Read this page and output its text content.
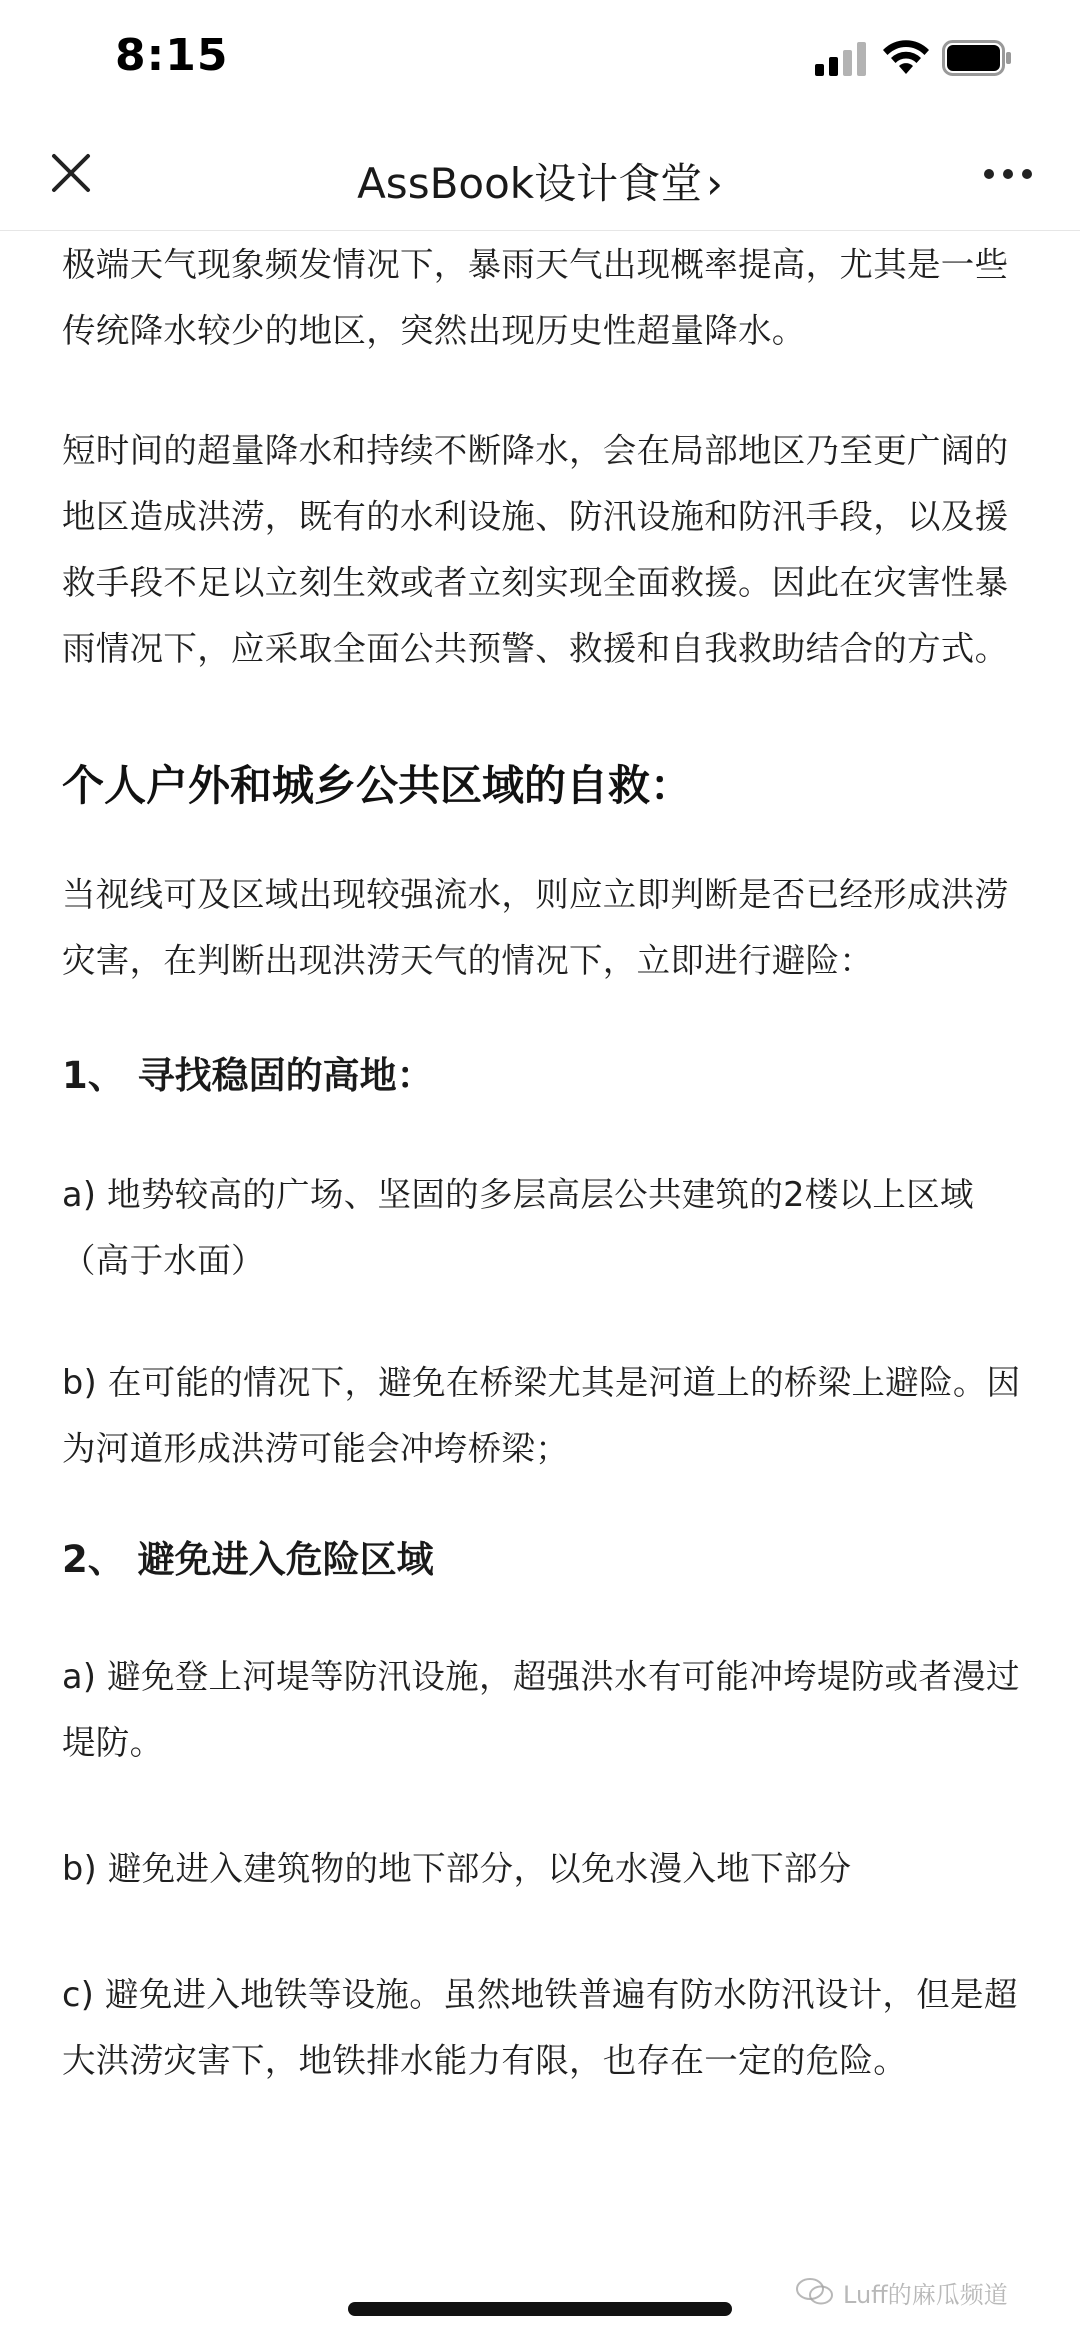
8:15
AssBook设计食堂›

极端天气现象频发情况下，暴雨天气出现概率提高，尤其是一些传统降水较少的地区，突然出现历史性超量降水。

短时间的超量降水和持续不断降水，会在局部地区乃至更广阔的地区造成洪涝，既有的水利设施、防汛设施和防汛手段，以及援救手段不足以立刻生效或者立刻实现全面救援。因此在灾害性暴雨情况下，应采取全面公共预警、救援和自我救助结合的方式。

个人户外和城乡公共区域的自救：

当视线可及区域出现较强流水，则应立即判断是否已经形成洪涝灾害，在判断出现洪涝天气的情况下，立即进行避险：

1、 寻找稳固的高地：

a) 地势较高的广场、坚固的多层高层公共建筑的2楼以上区域（高于水面）

b) 在可能的情况下，避免在桥梁尤其是河道上的桥梁上避险。因为河道形成洪涝可能会冲垮桥梁；

2、 避免进入危险区域

a) 避免登上河堤等防汛设施，超强洪水有可能冲垮堤防或者漫过堤防。

b) 避免进入建筑物的地下部分，以免水漫入地下部分

c) 避免进入地铁等设施。虽然地铁普遍有防水防汛设计，但是超大洪涝灾害下，地铁排水能力有限，也存在一定的危险。

Luff的麻瓜频道
